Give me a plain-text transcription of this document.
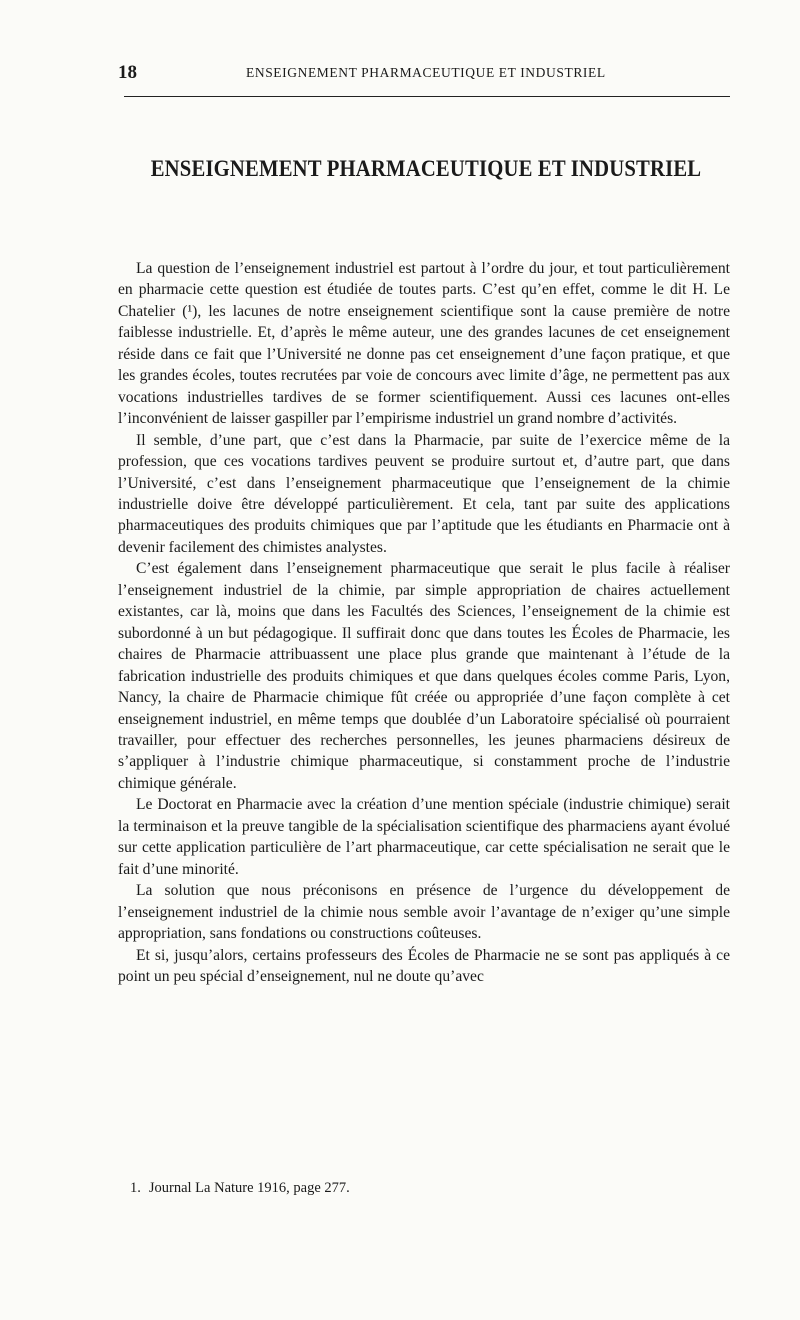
18	ENSEIGNEMENT PHARMACEUTIQUE ET INDUSTRIEL
ENSEIGNEMENT PHARMACEUTIQUE ET INDUSTRIEL

La question de l’enseignement industriel est partout à l’ordre du jour, et tout particulièrement en pharmacie cette question est étudiée de toutes parts. C’est qu’en effet, comme le dit H. Le Chatelier (¹), les lacunes de notre enseignement scientifique sont la cause première de notre faiblesse industrielle. Et, d’après le même auteur, une des grandes lacunes de cet enseignement réside dans ce fait que l’Université ne donne pas cet enseignement d’une façon pratique, et que les grandes écoles, toutes recrutées par voie de concours avec limite d’âge, ne permettent pas aux vocations industrielles tardives de se former scientifiquement. Aussi ces lacunes ont-elles l’inconvénient de laisser gaspiller par l’empirisme industriel un grand nombre d’activités.

Il semble, d’une part, que c’est dans la Pharmacie, par suite de l’exercice même de la profession, que ces vocations tardives peuvent se produire surtout et, d’autre part, que dans l’Université, c’est dans l’enseignement pharmaceutique que l’enseignement de la chimie industrielle doive être développé particulièrement. Et cela, tant par suite des applications pharmaceutiques des produits chimiques que par l’aptitude que les étudiants en Pharmacie ont à devenir facilement des chimistes analystes.

C’est également dans l’enseignement pharmaceutique que serait le plus facile à réaliser l’enseignement industriel de la chimie, par simple appropriation de chaires actuellement existantes, car là, moins que dans les Facultés des Sciences, l’enseignement de la chimie est subordonné à un but pédagogique. Il suffirait donc que dans toutes les Écoles de Pharmacie, les chaires de Pharmacie attribuassent une place plus grande que maintenant à l’étude de la fabrication industrielle des produits chimiques et que dans quelques écoles comme Paris, Lyon, Nancy, la chaire de Pharmacie chimique fût créée ou appropriée d’une façon complète à cet enseignement industriel, en même temps que doublée d’un Laboratoire spécialisé où pourraient travailler, pour effectuer des recherches personnelles, les jeunes pharmaciens désireux de s’appliquer à l’industrie chimique pharmaceutique, si constamment proche de l’industrie chimique générale.

Le Doctorat en Pharmacie avec la création d’une mention spéciale (industrie chimique) serait la terminaison et la preuve tangible de la spécialisation scientifique des pharmaciens ayant évolué sur cette application particulière de l’art pharmaceutique, car cette spécialisation ne serait que le fait d’une minorité.

La solution que nous préconisons en présence de l’urgence du développement de l’enseignement industriel de la chimie nous semble avoir l’avantage de n’exiger qu’une simple appropriation, sans fondations ou constructions coûteuses.

Et si, jusqu’alors, certains professeurs des Écoles de Pharmacie ne se sont pas appliqués à ce point un peu spécial d’enseignement, nul ne doute qu’avec

1. Journal La Nature 1916, page 277.
